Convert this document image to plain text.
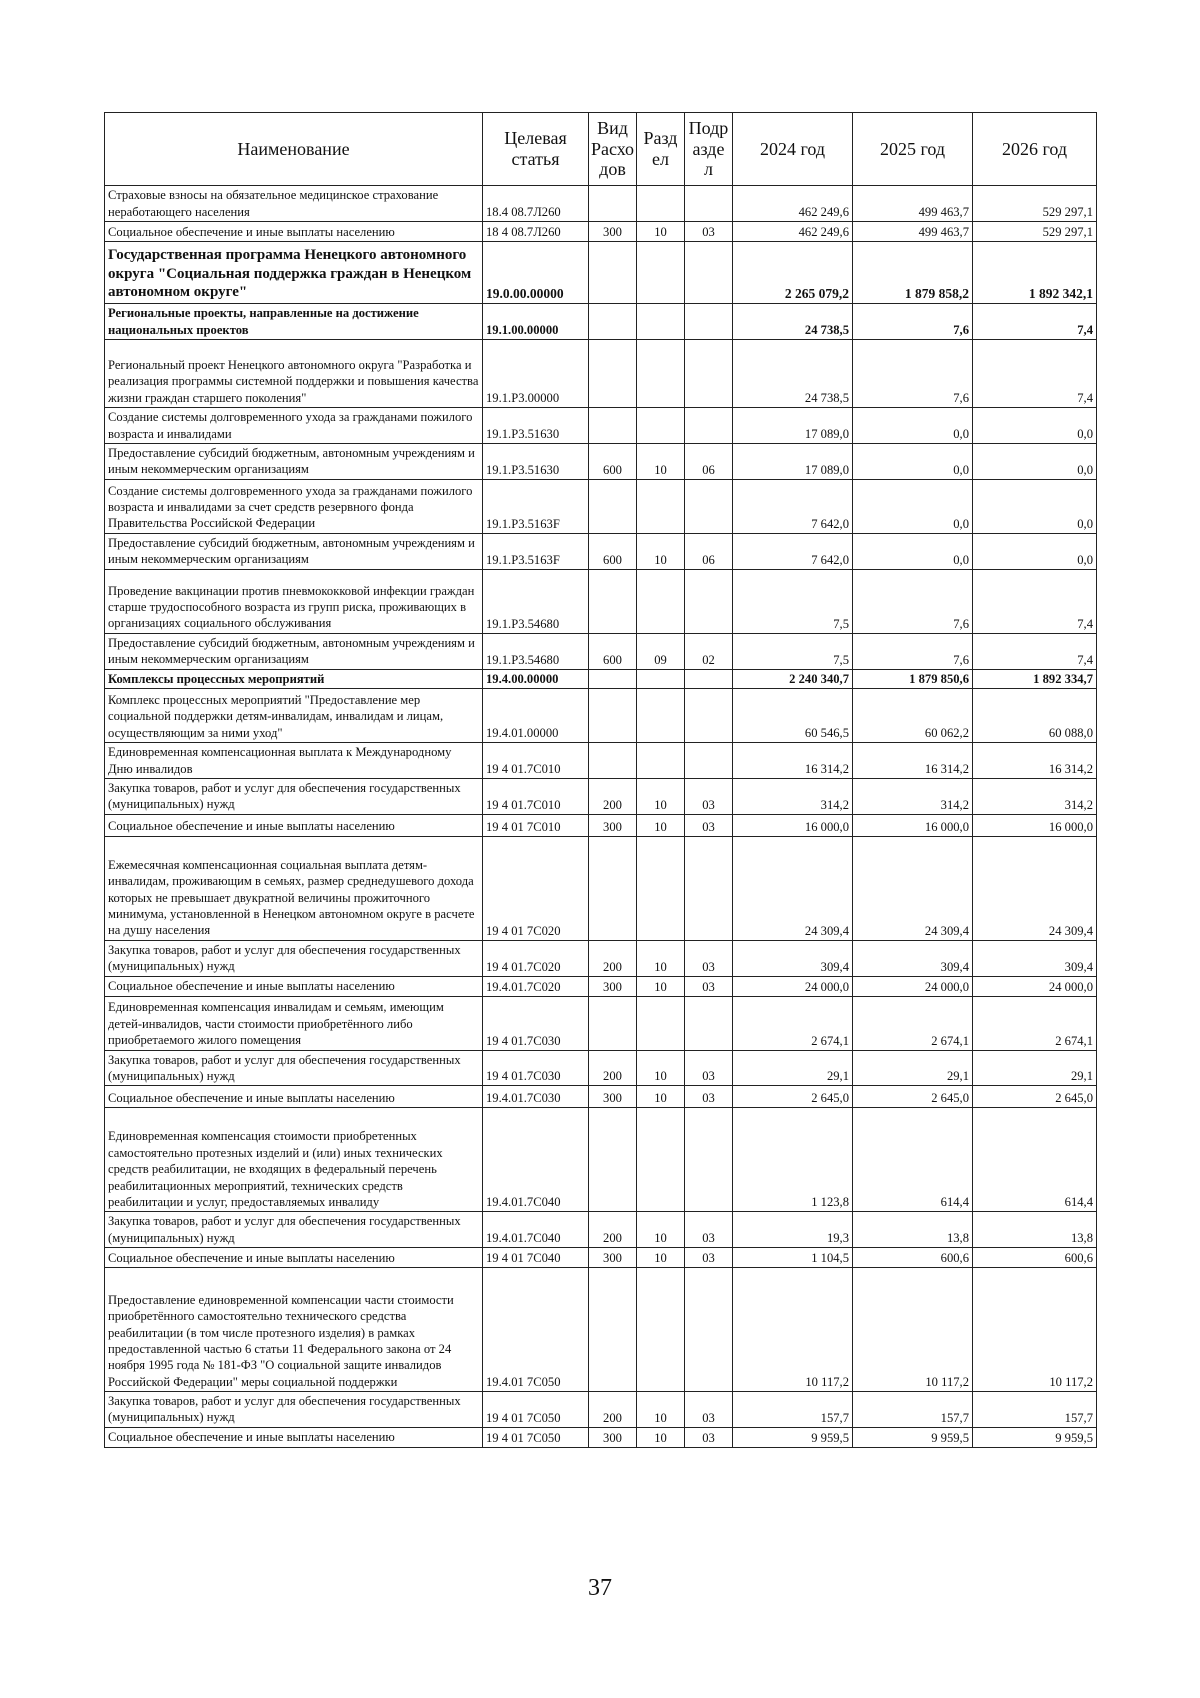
Наименование	Целевая статья	Вид Расхо дов	Разд ел	Подр азде л	2024 год	2025 год	2026 год
Страховые взносы на обязательное медицинское страхование неработающего населения	18.4 08.7Л260				462 249,6	499 463,7	529 297,1
Социальное обеспечение и иные выплаты населению	18 4 08.7Л260	300	10	03	462 249,6	499 463,7	529 297,1
Государственная программа Ненецкого автономного округа "Социальная поддержка граждан в Ненецком автономном округе"	19.0.00.00000				2 265 079,2	1 879 858,2	1 892 342,1
Региональные проекты, направленные на достижение национальных проектов	19.1.00.00000				24 738,5	7,6	7,4
Региональный проект Ненецкого автономного округа "Разработка и реализация программы системной поддержки и повышения качества жизни граждан старшего поколения"	19.1.P3.00000				24 738,5	7,6	7,4
Создание системы долговременного ухода за гражданами пожилого возраста и инвалидами	19.1.P3.51630				17 089,0	0,0	0,0
Предоставление субсидий бюджетным, автономным учреждениям и иным некоммерческим организациям	19.1.P3.51630	600	10	06	17 089,0	0,0	0,0
Создание системы долговременного ухода за гражданами пожилого возраста и инвалидами за счет средств резервного фонда Правительства Российской Федерации	19.1.P3.5163F				7 642,0	0,0	0,0
Предоставление субсидий бюджетным, автономным учреждениям и иным некоммерческим организациям	19.1.P3.5163F	600	10	06	7 642,0	0,0	0,0
Проведение вакцинации против пневмококковой инфекции граждан старше трудоспособного возраста из групп риска, проживающих в организациях социального обслуживания	19.1.P3.54680				7,5	7,6	7,4
Предоставление субсидий бюджетным, автономным учреждениям и иным некоммерческим организациям	19.1.P3.54680	600	09	02	7,5	7,6	7,4
Комплексы процессных мероприятий	19.4.00.00000				2 240 340,7	1 879 850,6	1 892 334,7
Комплекс процессных мероприятий "Предоставление мер социальной поддержки детям-инвалидам, инвалидам и лицам, осуществляющим за ними уход"	19.4.01.00000				60 546,5	60 062,2	60 088,0
Единовременная компенсационная выплата к Международному Дню инвалидов	19 4 01.7С010				16 314,2	16 314,2	16 314,2
Закупка товаров, работ и услуг для обеспечения государственных (муниципальных) нужд	19 4 01.7С010	200	10	03	314,2	314,2	314,2
Социальное обеспечение и иные выплаты населению	19 4 01 7С010	300	10	03	16 000,0	16 000,0	16 000,0
Ежемесячная компенсационная социальная выплата детям-инвалидам, проживающим в семьях, размер среднедушевого дохода которых не превышает двукратной величины прожиточного минимума, установленной в Ненецком автономном округе в расчете на душу населения	19 4 01 7С020				24 309,4	24 309,4	24 309,4
Закупка товаров, работ и услуг для обеспечения государственных (муниципальных) нужд	19 4 01.7С020	200	10	03	309,4	309,4	309,4
Социальное обеспечение и иные выплаты населению	19.4.01.7С020	300	10	03	24 000,0	24 000,0	24 000,0
Единовременная компенсация инвалидам и семьям, имеющим детей-инвалидов, части стоимости приобретённого либо приобретаемого жилого помещения	19 4 01.7С030				2 674,1	2 674,1	2 674,1
Закупка товаров, работ и услуг для обеспечения государственных (муниципальных) нужд	19 4 01.7С030	200	10	03	29,1	29,1	29,1
Социальное обеспечение и иные выплаты населению	19.4.01.7С030	300	10	03	2 645,0	2 645,0	2 645,0
Единовременная компенсация стоимости приобретенных самостоятельно протезных изделий и (или) иных технических средств реабилитации, не входящих в федеральный перечень реабилитационных мероприятий, технических средств реабилитации и услуг, предоставляемых инвалиду	19.4.01.7С040				1 123,8	614,4	614,4
Закупка товаров, работ и услуг для обеспечения государственных (муниципальных) нужд	19.4.01.7С040	200	10	03	19,3	13,8	13,8
Социальное обеспечение и иные выплаты населению	19 4 01 7С040	300	10	03	1 104,5	600,6	600,6
Предоставление единовременной компенсации части стоимости приобретённого самостоятельно технического средства реабилитации (в том числе протезного изделия) в рамках предоставленной частью 6 статьи 11 Федерального закона от 24 ноября 1995 года № 181-ФЗ "О социальной защите инвалидов Российской Федерации" меры социальной поддержки	19.4.01 7С050				10 117,2	10 117,2	10 117,2
Закупка товаров, работ и услуг для обеспечения государственных (муниципальных) нужд	19 4 01 7С050	200	10	03	157,7	157,7	157,7
Социальное обеспечение и иные выплаты населению	19 4 01 7С050	300	10	03	9 959,5	9 959,5	9 959,5
37
